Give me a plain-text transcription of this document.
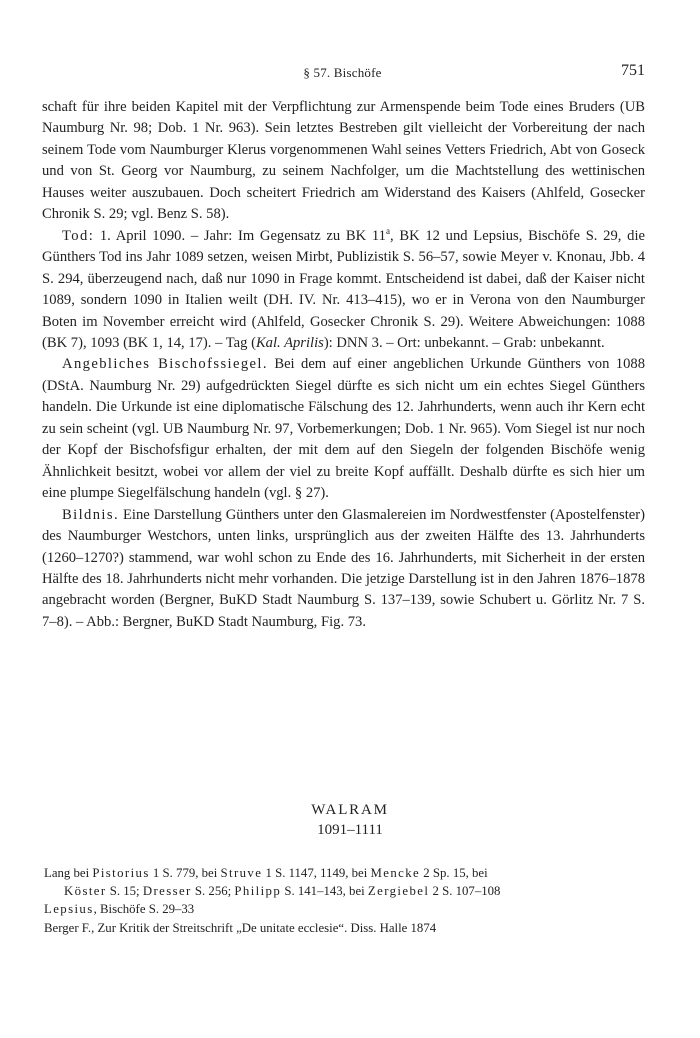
§ 57. Bischöfe	751

schaft für ihre beiden Kapitel mit der Verpflichtung zur Armenspende beim Tode eines Bruders (UB Naumburg Nr. 98; Dob. 1 Nr. 963). Sein letztes Bestreben gilt vielleicht der Vorbereitung der nach seinem Tode vom Naumburger Klerus vorgenommenen Wahl seines Vetters Friedrich, Abt von Goseck und von St. Georg vor Naumburg, zu seinem Nachfolger, um die Machtstellung des wettinischen Hauses weiter auszubauen. Doch scheitert Friedrich am Widerstand des Kaisers (Ahlfeld, Gosecker Chronik S. 29; vgl. Benz S. 58).

Tod: 1. April 1090. – Jahr: Im Gegensatz zu BK 11$^a$, BK 12 und Lepsius, Bischöfe S. 29, die Günthers Tod ins Jahr 1089 setzen, weisen Mirbt, Publizistik S. 56–57, sowie Meyer v. Knonau, Jbb. 4 S. 294, überzeugend nach, daß nur 1090 in Frage kommt. Entscheidend ist dabei, daß der Kaiser nicht 1089, sondern 1090 in Italien weilt (DH. IV. Nr. 413–415), wo er in Verona von den Naumburger Boten im November erreicht wird (Ahlfeld, Gosecker Chronik S. 29). Weitere Abweichungen: 1088 (BK 7), 1093 (BK 1, 14, 17). – Tag (Kal. Aprilis): DNN 3. – Ort: unbekannt. – Grab: unbekannt.

Angebliches Bischofssiegel. Bei dem auf einer angeblichen Urkunde Günthers von 1088 (DStA. Naumburg Nr. 29) aufgedrückten Siegel dürfte es sich nicht um ein echtes Siegel Günthers handeln. Die Urkunde ist eine diplomatische Fälschung des 12. Jahrhunderts, wenn auch ihr Kern echt zu sein scheint (vgl. UB Naumburg Nr. 97, Vorbemerkungen; Dob. 1 Nr. 965). Vom Siegel ist nur noch der Kopf der Bischofsfigur erhalten, der mit dem auf den Siegeln der folgenden Bischöfe wenig Ähnlichkeit besitzt, wobei vor allem der viel zu breite Kopf auffällt. Deshalb dürfte es sich hier um eine plumpe Siegelfälschung handeln (vgl. § 27).

Bildnis. Eine Darstellung Günthers unter den Glasmalereien im Nordwestfenster (Apostelfenster) des Naumburger Westchors, unten links, ursprünglich aus der zweiten Hälfte des 13. Jahrhunderts (1260–1270?) stammend, war wohl schon zu Ende des 16. Jahrhunderts, mit Sicherheit in der ersten Hälfte des 18. Jahrhunderts nicht mehr vorhanden. Die jetzige Darstellung ist in den Jahren 1876–1878 angebracht worden (Bergner, BuKD Stadt Naumburg S. 137–139, sowie Schubert u. Görlitz Nr. 7 S. 7–8). – Abb.: Bergner, BuKD Stadt Naumburg, Fig. 73.

WALRAM
1091–1111

Lang bei Pistorius 1 S. 779, bei Struve 1 S. 1147, 1149, bei Mencke 2 Sp. 15, bei

Köster S. 15; Dresser S. 256; Philipp S. 141–143, bei Zergiebel 2 S. 107–108

Lepsius, Bischöfe S. 29–33

Berger F., Zur Kritik der Streitschrift „De unitate ecclesie“. Diss. Halle 1874
